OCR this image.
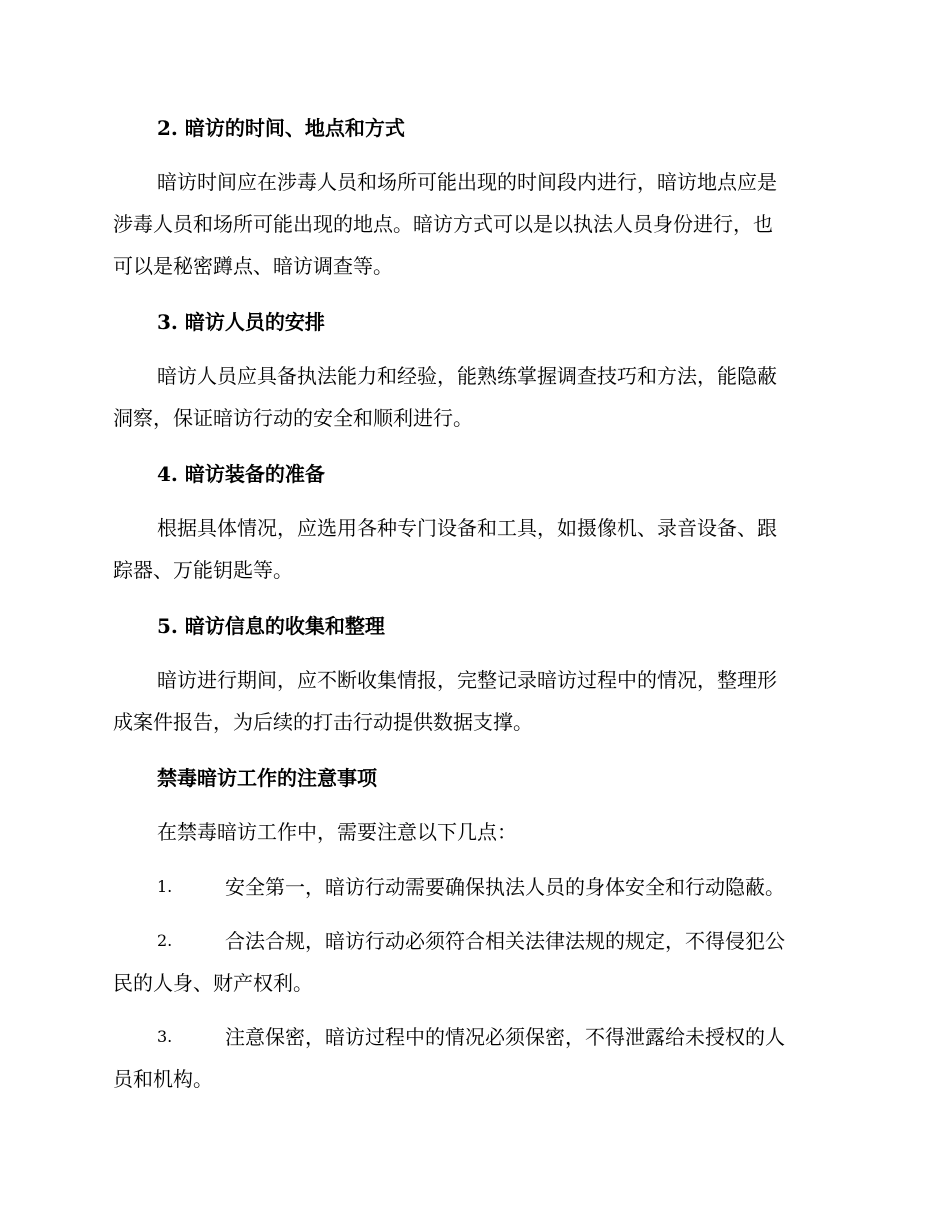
2. 暗访的时间、地点和方式
暗访时间应在涉毒人员和场所可能出现的时间段内进行，暗访地点应是
涉毒人员和场所可能出现的地点。暗访方式可以是以执法人员身份进行，也
可以是秘密蹲点、暗访调查等。
3. 暗访人员的安排
暗访人员应具备执法能力和经验，能熟练掌握调查技巧和方法，能隐蔽
洞察，保证暗访行动的安全和顺利进行。
4. 暗访装备的准备
根据具体情况，应选用各种专门设备和工具，如摄像机、录音设备、跟
踪器、万能钥匙等。
5. 暗访信息的收集和整理
暗访进行期间，应不断收集情报，完整记录暗访过程中的情况，整理形
成案件报告，为后续的打击行动提供数据支撑。
禁毒暗访工作的注意事项
在禁毒暗访工作中，需要注意以下几点：
1.	安全第一，暗访行动需要确保执法人员的身体安全和行动隐蔽。
2.	合法合规，暗访行动必须符合相关法律法规的规定，不得侵犯公
民的人身、财产权利。
3.	注意保密，暗访过程中的情况必须保密，不得泄露给未授权的人
员和机构。
